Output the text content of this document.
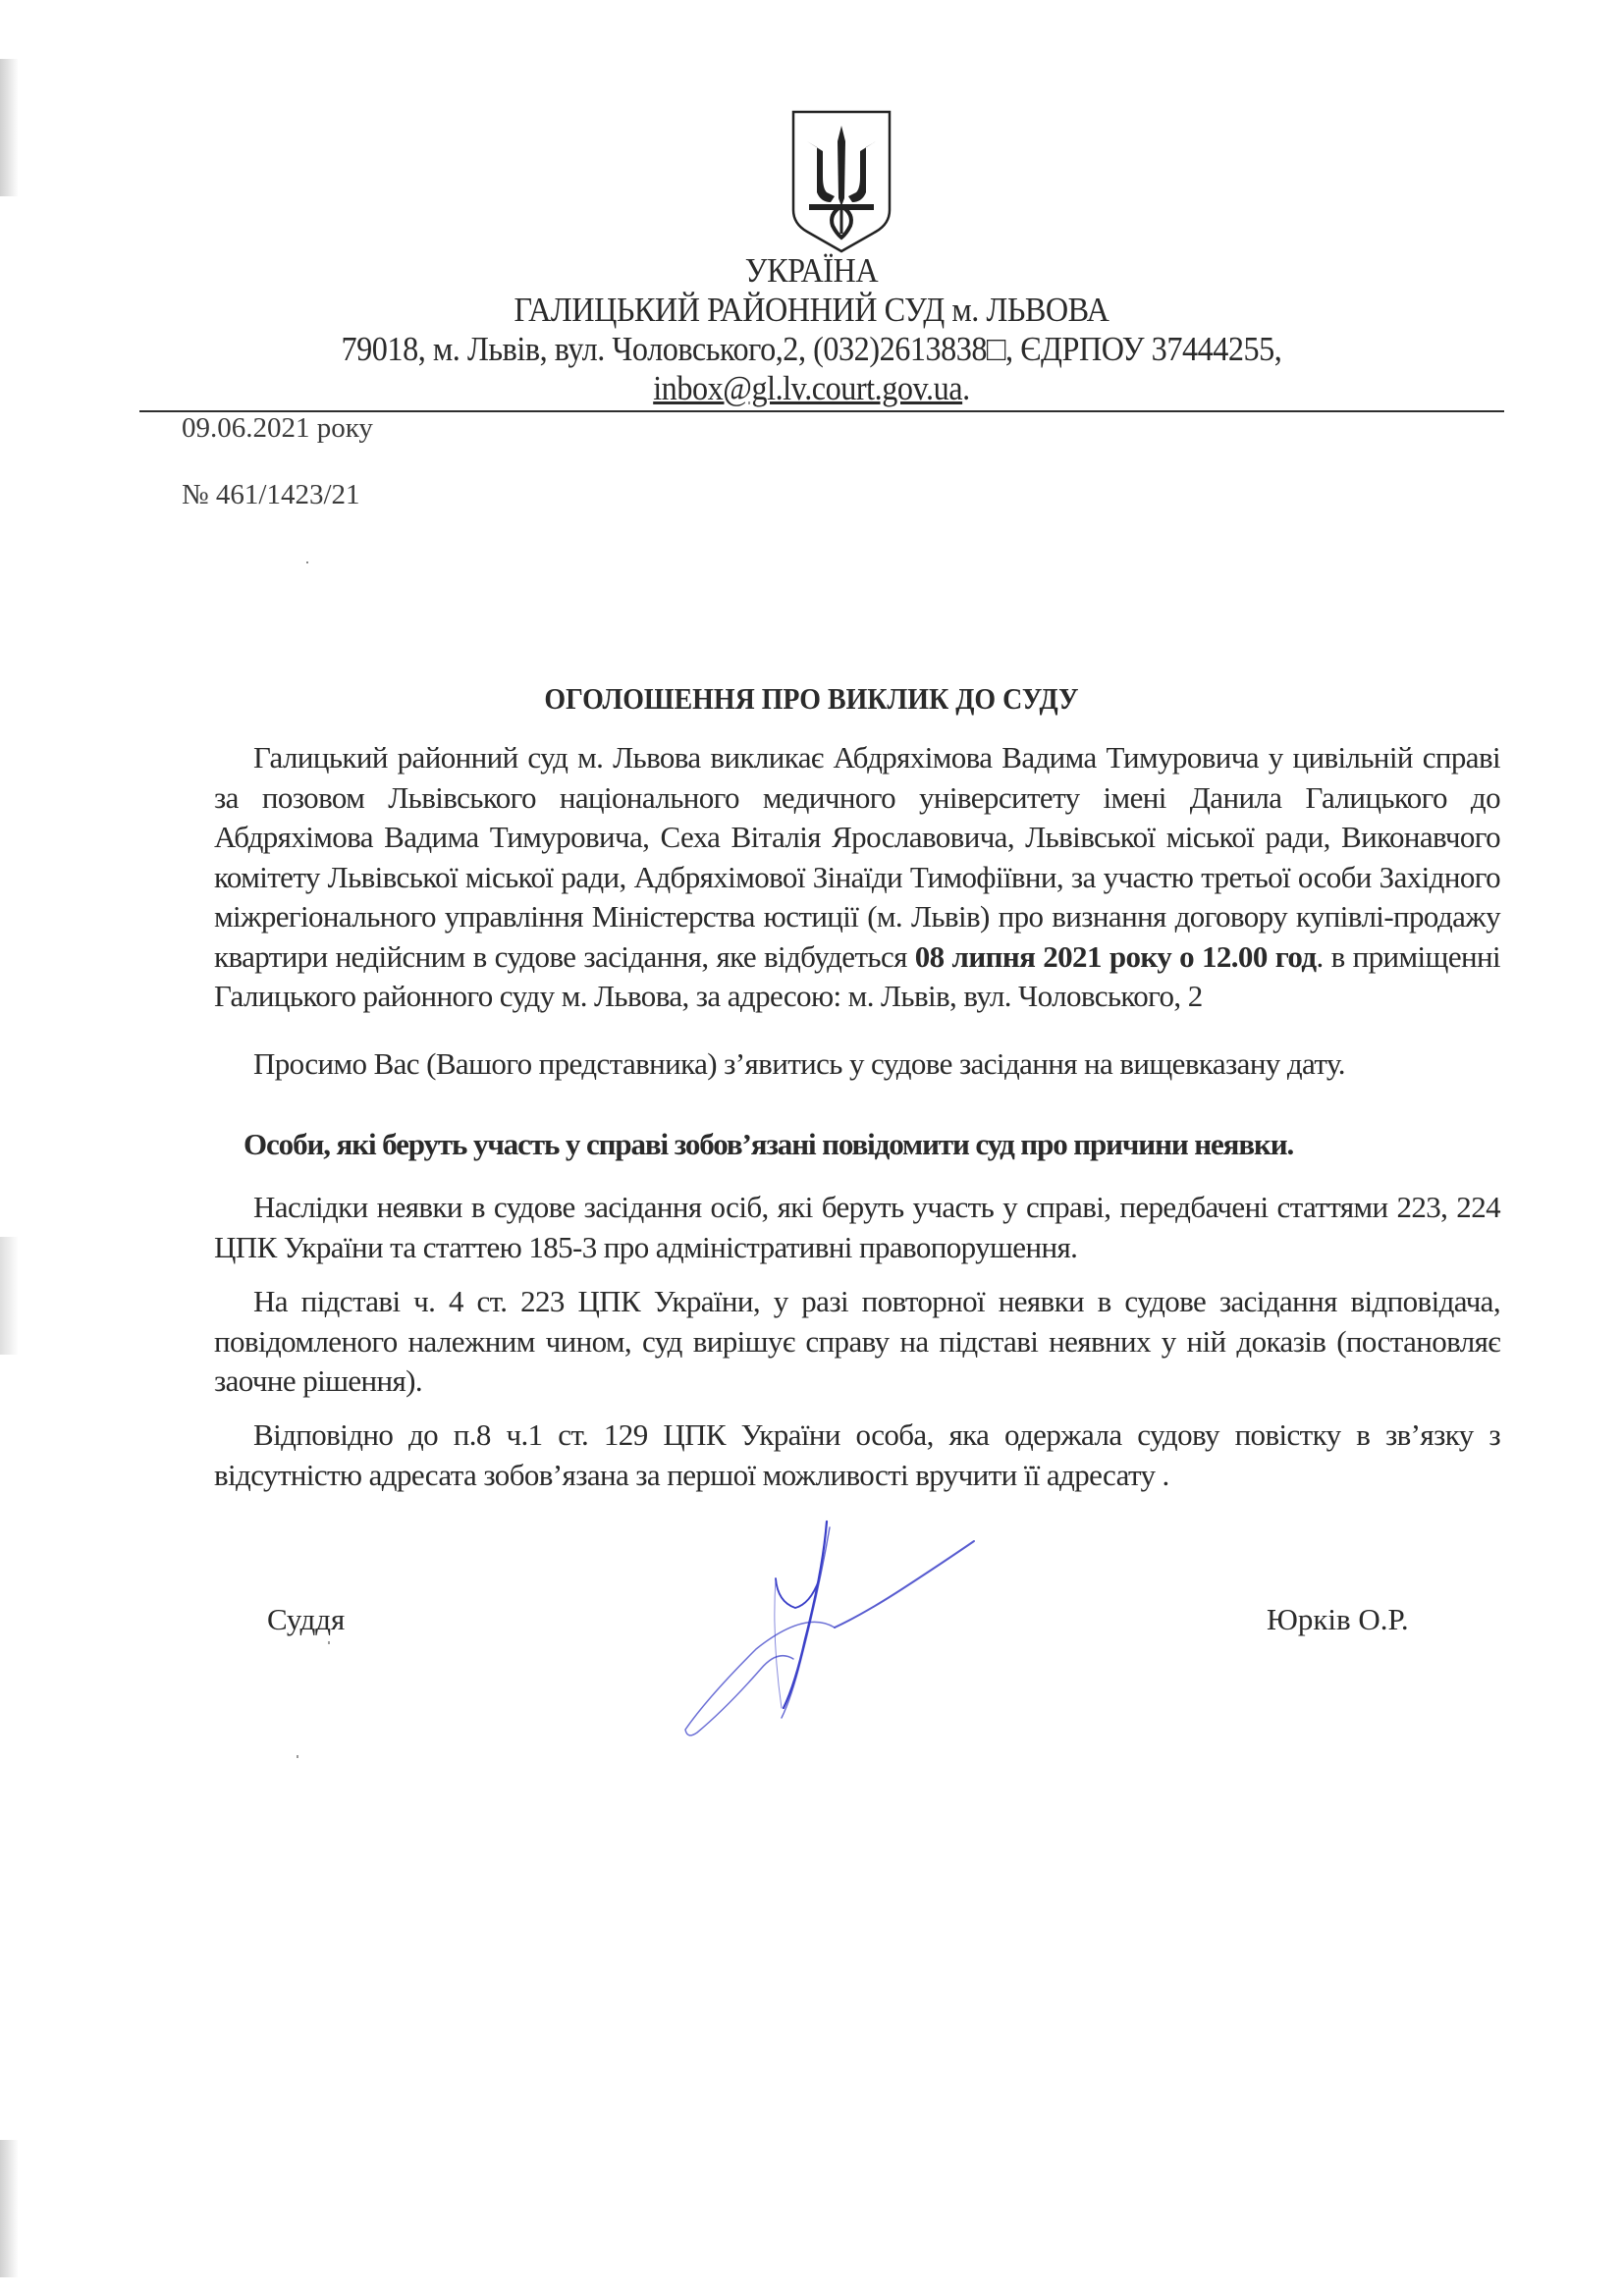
УКРАЇНА
ГАЛИЦЬКИЙ РАЙОННИЙ СУД м. ЛЬВОВА
79018, м. Львів, вул. Чоловського,2, (032)2613838□, ЄДРПОУ 37444255,
inbox@gl.lv.court.gov.ua.
09.06.2021 року
№ 461/1423/21
ОГОЛОШЕННЯ ПРО ВИКЛИК ДО СУДУ
Галицький районний суд м. Львова викликає Абдряхімова Вадима Тимуровича у цивільній справі за позовом Львівського національного медичного університету імені Данила Галицького до Абдряхімова Вадима Тимуровича, Сеха Віталія Ярославовича, Львівської міської ради, Виконавчого комітету Львівської міської ради, Адбряхімової Зінаїди Тимофіївни, за участю третьої особи Західного міжрегіонального управління Міністерства юстиції (м. Львів) про визнання договору купівлі-продажу квартири недійсним в судове засідання, яке відбудеться 08 липня 2021 року о 12.00 год. в приміщенні Галицького районного суду м. Львова, за адресою: м. Львів, вул. Чоловського, 2
Просимо Вас (Вашого представника) з’явитись у судове засідання на вищевказану дату.
Особи, які беруть участь у справі зобов’язані повідомити суд про причини неявки.
Наслідки неявки в судове засідання осіб, які беруть участь у справі, передбачені статтями 223, 224 ЦПК України та статтею 185-3 про адміністративні правопорушення.
На підставі ч. 4 ст. 223 ЦПК України, у разі повторної неявки в судове засідання відповідача, повідомленого належним чином, суд вирішує справу на підставі неявних у ній доказів (постановляє заочне рішення).
Відповідно до п.8 ч.1 ст. 129 ЦПК України особа, яка одержала судову повістку в зв’язку з відсутністю адресата зобов’язана за першої можливості вручити її адресату .
Суддя	Юрків О.Р.
